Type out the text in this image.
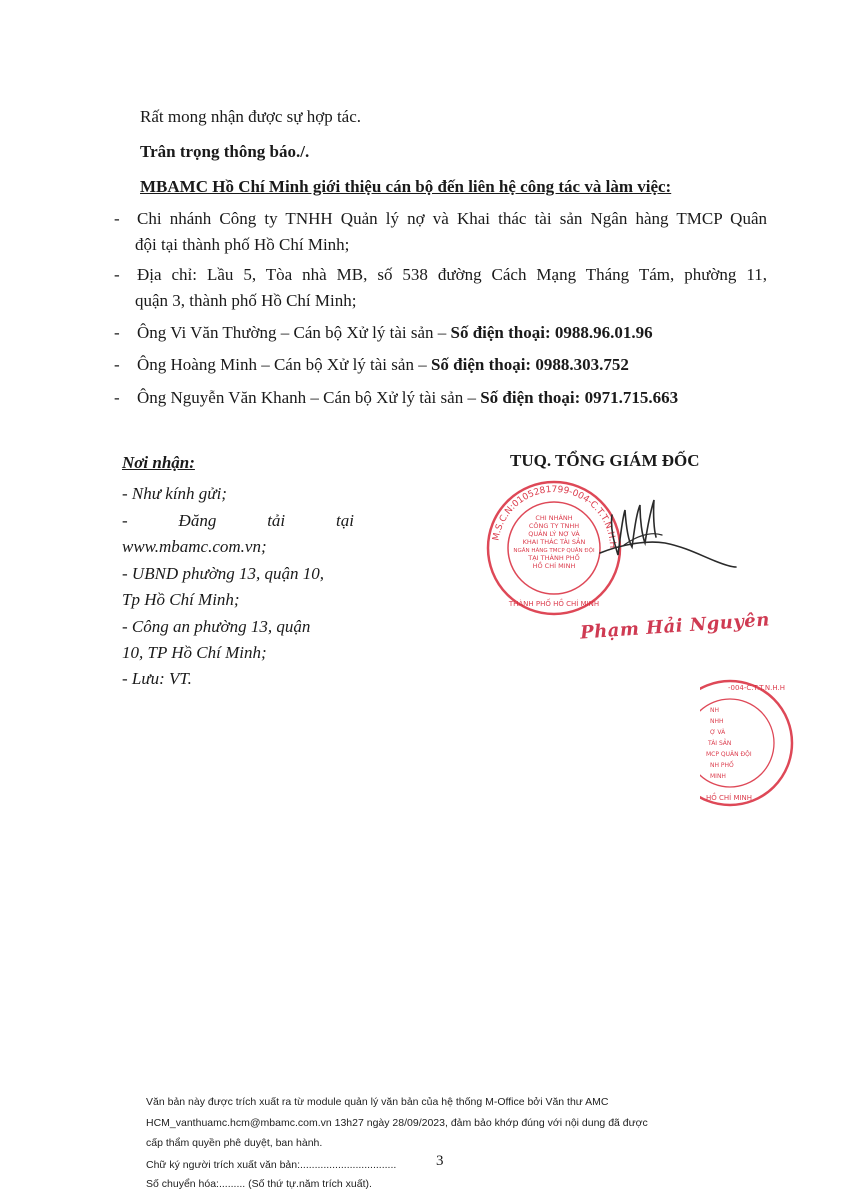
Rất mong nhận được sự hợp tác.
Trân trọng thông báo./.
MBAMC Hồ Chí Minh giới thiệu cán bộ đến liên hệ công tác và làm việc:
- Chi nhánh Công ty TNHH Quản lý nợ và Khai thác tài sản Ngân hàng TMCP Quân
đội tại thành phố Hồ Chí Minh;
- Địa chỉ: Lầu 5, Tòa nhà MB, số 538 đường Cách Mạng Tháng Tám, phường 11,
quận 3, thành phố Hồ Chí Minh;
- Ông Vi Văn Thường – Cán bộ Xử lý tài sản – Số điện thoại: 0988.96.01.96
- Ông Hoàng Minh – Cán bộ Xử lý tài sản – Số điện thoại: 0988.303.752
- Ông Nguyễn Văn Khanh – Cán bộ Xử lý tài sản – Số điện thoại: 0971.715.663
Nơi nhận:
- Như kính gửi;
-	Đăng	tải	tại
www.mbamc.com.vn;
- UBND phường 13, quận 10,
Tp Hồ Chí Minh;
- Công an phường 13, quận
10, TP Hồ Chí Minh;
- Lưu: VT.
TUQ. TỔNG GIÁM ĐỐC
M.S.C.N:0105281799-004-C.T.T.N.H.H
CHI NHÁNH
CÔNG TY TNHH
QUẢN LÝ NỢ VÀ
KHAI THÁC TÀI SẢN
NGÂN HÀNG TMCP QUÂN ĐỘI
TẠI THÀNH PHỐ
HỒ CHÍ MINH
THÀNH PHỐ HỒ CHÍ MINH
Phạm Hải Nguyên
NH
NHH
Ợ VÀ
TÀI SẢN
MCP QUÂN ĐỘI
NH PHỐ
MINH
HỒ CHÍ MINH
-004-C.T.T.N.H.H
Văn bản này được trích xuất ra từ module quản lý văn bản của hệ thống M-Office bởi Văn thư AMC
HCM_vanthuamc.hcm@mbamc.com.vn 13h27 ngày 28/09/2023, đảm bảo khớp đúng với nội dung đã được
cấp thẩm quyền phê duyệt, ban hành.
Chữ ký người trích xuất văn bản:.................................
Số chuyển hóa:......... (Số thứ tự.năm trích xuất).
3
